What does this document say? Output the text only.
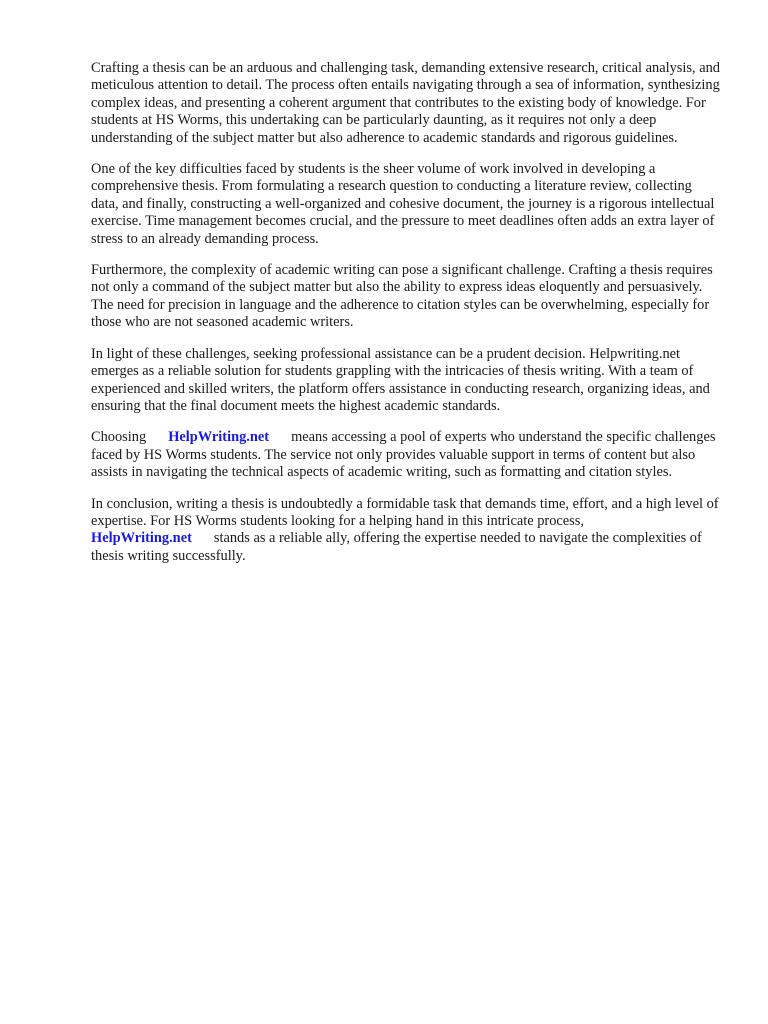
Crafting a thesis can be an arduous and challenging task, demanding extensive research, critical analysis, and meticulous attention to detail. The process often entails navigating through a sea of information, synthesizing complex ideas, and presenting a coherent argument that contributes to the existing body of knowledge. For students at HS Worms, this undertaking can be particularly daunting, as it requires not only a deep understanding of the subject matter but also adherence to academic standards and rigorous guidelines.

One of the key difficulties faced by students is the sheer volume of work involved in developing a comprehensive thesis. From formulating a research question to conducting a literature review, collecting data, and finally, constructing a well-organized and cohesive document, the journey is a rigorous intellectual exercise. Time management becomes crucial, and the pressure to meet deadlines often adds an extra layer of stress to an already demanding process.

Furthermore, the complexity of academic writing can pose a significant challenge. Crafting a thesis requires not only a command of the subject matter but also the ability to express ideas eloquently and persuasively. The need for precision in language and the adherence to citation styles can be overwhelming, especially for those who are not seasoned academic writers.

In light of these challenges, seeking professional assistance can be a prudent decision. Helpwriting.net emerges as a reliable solution for students grappling with the intricacies of thesis writing. With a team of experienced and skilled writers, the platform offers assistance in conducting research, organizing ideas, and ensuring that the final document meets the highest academic standards.

Choosing HelpWriting.net means accessing a pool of experts who understand the specific challenges faced by HS Worms students. The service not only provides valuable support in terms of content but also assists in navigating the technical aspects of academic writing, such as formatting and citation styles.

In conclusion, writing a thesis is undoubtedly a formidable task that demands time, effort, and a high level of expertise. For HS Worms students looking for a helping hand in this intricate process,
HelpWriting.net stands as a reliable ally, offering the expertise needed to navigate the complexities of thesis writing successfully.
